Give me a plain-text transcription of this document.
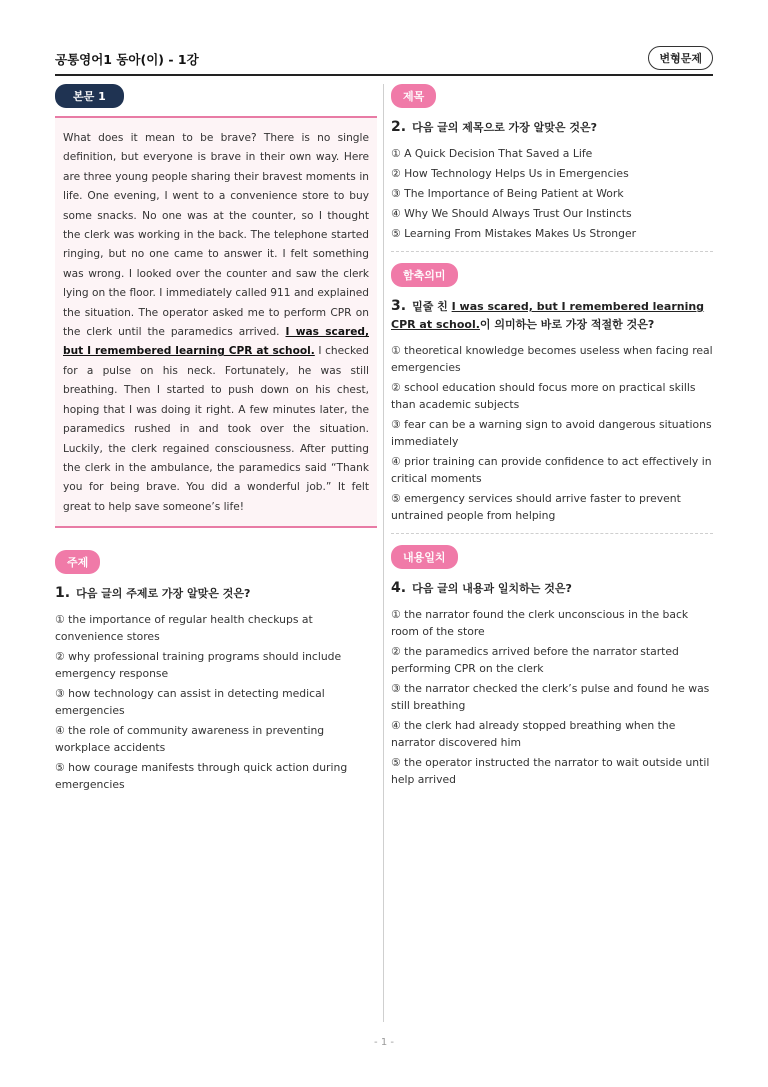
공통영어1 동아(이) - 1강	변형문제
본문 1

What does it mean to be brave? There is no single definition, but everyone is brave in their own way. Here are three young people sharing their bravest moments in life. One evening, I went to a convenience store to buy some snacks. No one was at the counter, so I thought the clerk was working in the back. The telephone started ringing, but no one came to answer it. I felt something was wrong. I looked over the counter and saw the clerk lying on the floor. I immediately called 911 and explained the situation. The operator asked me to perform CPR on the clerk until the paramedics arrived. I was scared, but I remembered learning CPR at school. I checked for a pulse on his neck. Fortunately, he was still breathing. Then I started to push down on his chest, hoping that I was doing it right. A few minutes later, the paramedics rushed in and took over the situation. Luckily, the clerk regained consciousness. After putting the clerk in the ambulance, the paramedics said “Thank you for being brave. You did a wonderful job.” It felt great to help save someone’s life!

주제
1. 다음 글의 주제로 가장 알맞은 것은?
① the importance of regular health checkups at convenience stores
② why professional training programs should include emergency response
③ how technology can assist in detecting medical emergencies
④ the role of community awareness in preventing workplace accidents
⑤ how courage manifests through quick action during emergencies
제목
2. 다음 글의 제목으로 가장 알맞은 것은?
① A Quick Decision That Saved a Life
② How Technology Helps Us in Emergencies
③ The Importance of Being Patient at Work
④ Why We Should Always Trust Our Instincts
⑤ Learning From Mistakes Makes Us Stronger
함축의미
3. 밑줄 친 I was scared, but I remembered learning CPR at school.이 의미하는 바로 가장 적절한 것은?
① theoretical knowledge becomes useless when facing real emergencies
② school education should focus more on practical skills than academic subjects
③ fear can be a warning sign to avoid dangerous situations immediately
④ prior training can provide confidence to act effectively in critical moments
⑤ emergency services should arrive faster to prevent untrained people from helping
내용일치
4. 다음 글의 내용과 일치하는 것은?
① the narrator found the clerk unconscious in the back room of the store
② the paramedics arrived before the narrator started performing CPR on the clerk
③ the narrator checked the clerk’s pulse and found he was still breathing
④ the clerk had already stopped breathing when the narrator discovered him
⑤ the operator instructed the narrator to wait outside until help arrived
- 1 -
